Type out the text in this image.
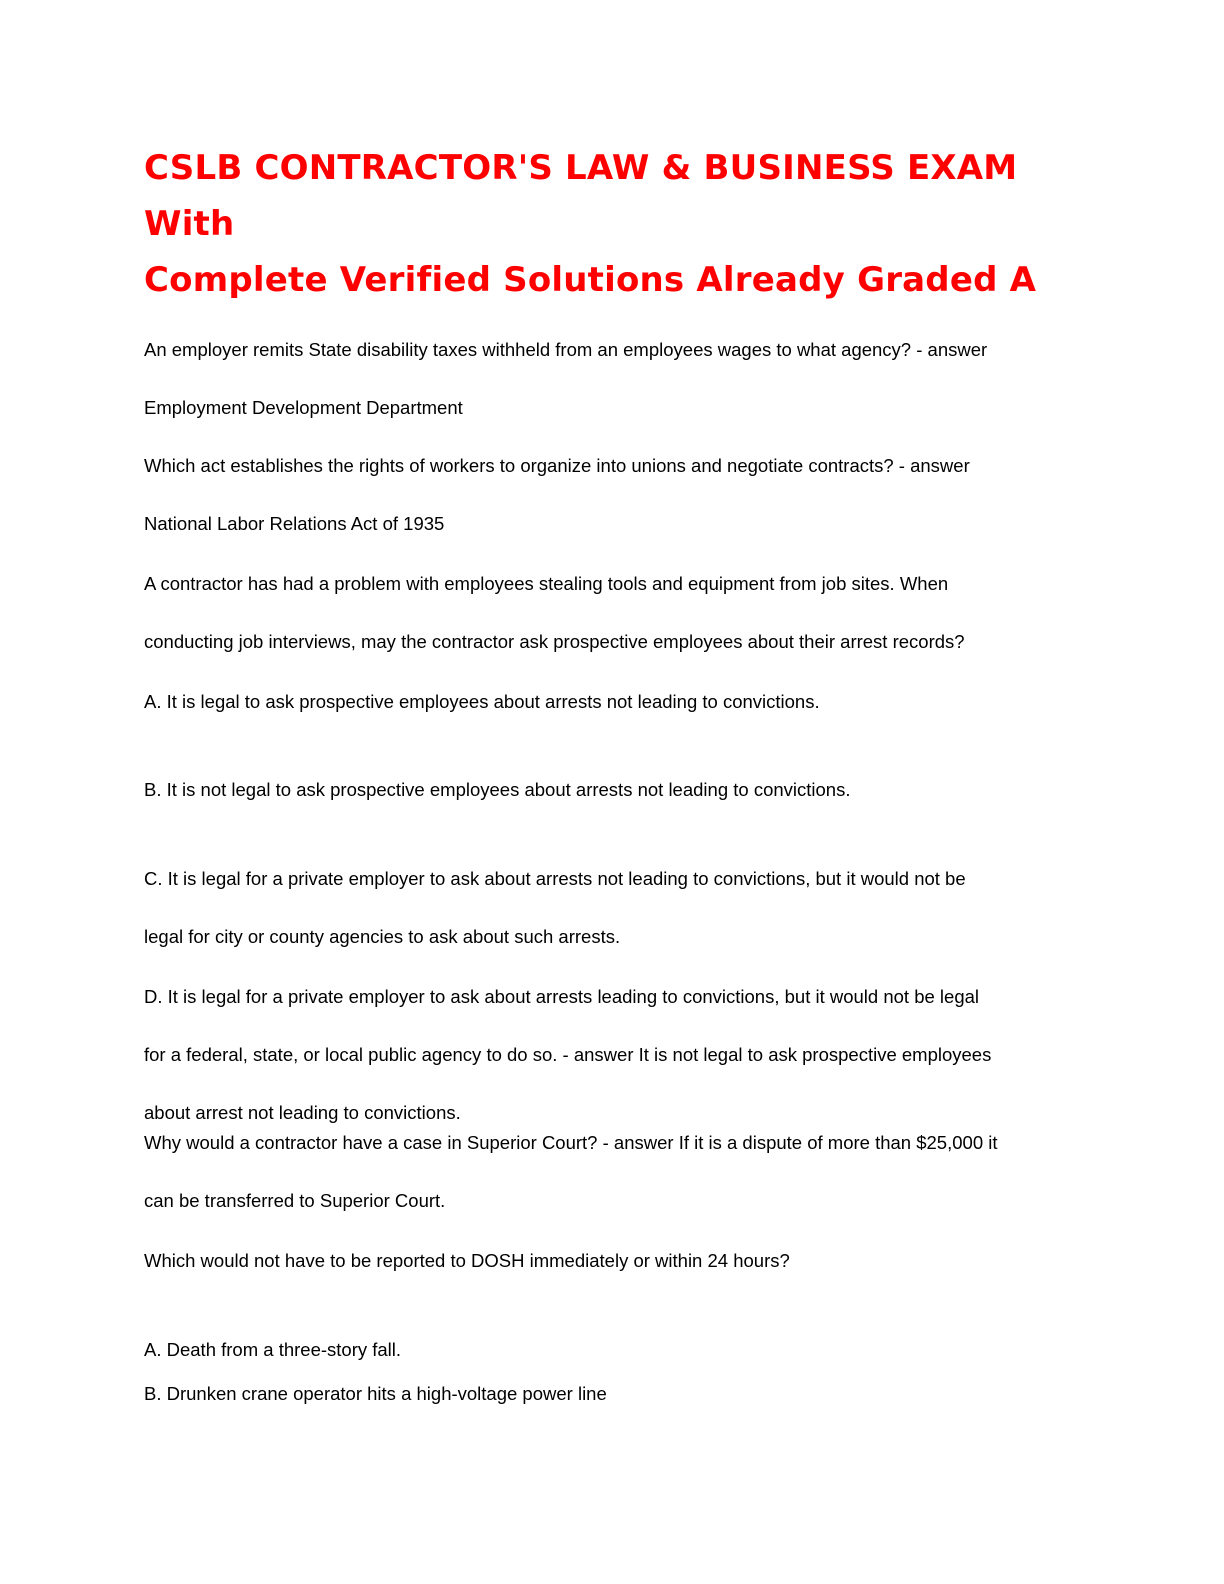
CSLB CONTRACTOR'S LAW & BUSINESS EXAM With
Complete Verified Solutions Already Graded A

An employer remits State disability taxes withheld from an employees wages to what agency? - answer

Employment Development Department

Which act establishes the rights of workers to organize into unions and negotiate contracts? - answer

National Labor Relations Act of 1935

A contractor has had a problem with employees stealing tools and equipment from job sites. When

conducting job interviews, may the contractor ask prospective employees about their arrest records?

A. It is legal to ask prospective employees about arrests not leading to convictions.

B. It is not legal to ask prospective employees about arrests not leading to convictions.

C. It is legal for a private employer to ask about arrests not leading to convictions, but it would not be

legal for city or county agencies to ask about such arrests.

D. It is legal for a private employer to ask about arrests leading to convictions, but it would not be legal

for a federal, state, or local public agency to do so. - answer It is not legal to ask prospective employees

about arrest not leading to convictions.

Why would a contractor have a case in Superior Court? - answer If it is a dispute of more than $25,000 it

can be transferred to Superior Court.

Which would not have to be reported to DOSH immediately or within 24 hours?

A. Death from a three-story fall.

B. Drunken crane operator hits a high-voltage power line
